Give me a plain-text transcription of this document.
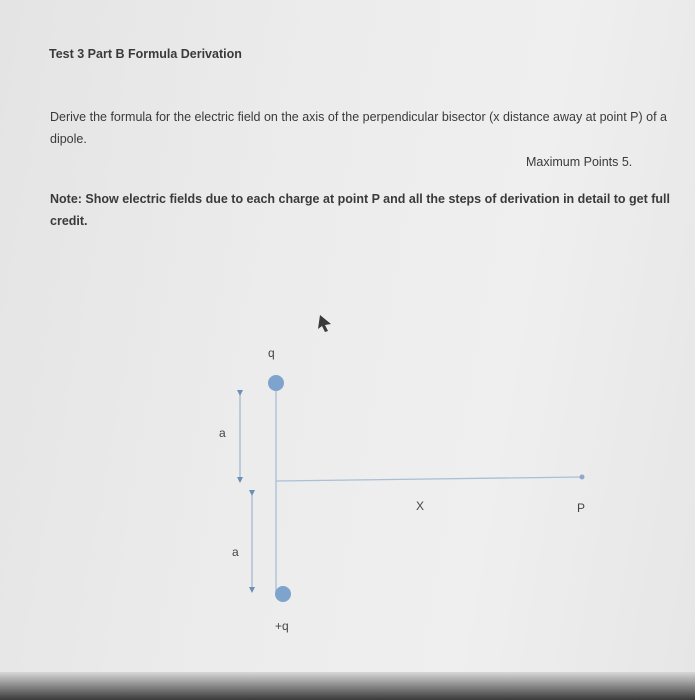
Test 3 Part B Formula Derivation
Derive the formula for the electric field on the axis of the perpendicular bisector (x distance away at point P) of a dipole.
Maximum Points 5.
Note: Show electric fields due to each charge at point P and all the steps of derivation in detail to get full credit.
q
+q
a
a
X	P
